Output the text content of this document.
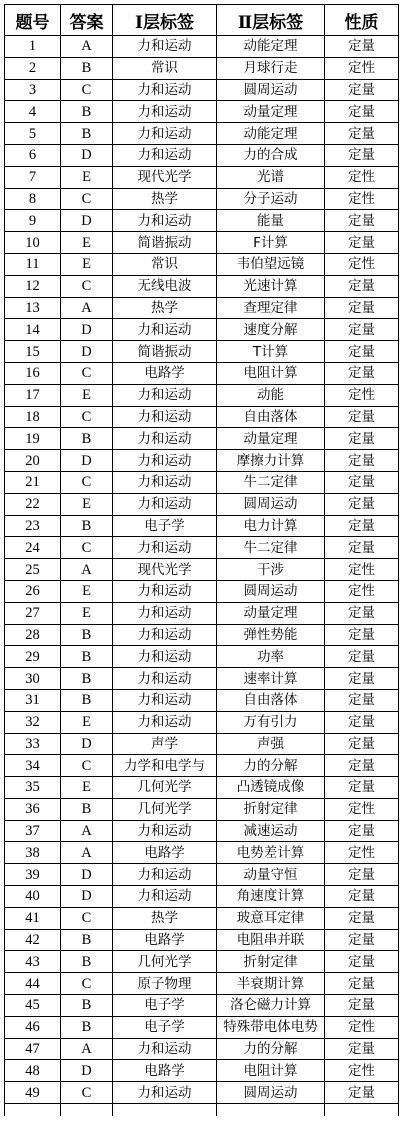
题号	答案	Ⅰ层标签	Ⅱ层标签	性质
1	A	力和运动	动能定理	定量
2	B	常识	月球行走	定性
3	C	力和运动	圆周运动	定量
4	B	力和运动	动量定理	定量
5	B	力和运动	动能定理	定量
6	D	力和运动	力的合成	定量
7	E	现代光学	光谱	定性
8	C	热学	分子运动	定性
9	D	力和运动	能量	定量
10	E	简谐振动	F计算	定量
11	E	常识	韦伯望远镜	定性
12	C	无线电波	光速计算	定量
13	A	热学	查理定律	定量
14	D	力和运动	速度分解	定量
15	D	简谐振动	T计算	定量
16	C	电路学	电阻计算	定量
17	E	力和运动	动能	定性
18	C	力和运动	自由落体	定量
19	B	力和运动	动量定理	定量
20	D	力和运动	摩擦力计算	定量
21	C	力和运动	牛二定律	定量
22	E	力和运动	圆周运动	定量
23	B	电子学	电力计算	定量
24	C	力和运动	牛二定律	定量
25	A	现代光学	干涉	定性
26	E	力和运动	圆周运动	定性
27	E	力和运动	动量定理	定量
28	B	力和运动	弹性势能	定量
29	B	力和运动	功率	定量
30	B	力和运动	速率计算	定量
31	B	力和运动	自由落体	定量
32	E	力和运动	万有引力	定量
33	D	声学	声强	定量
34	C	力学和电学与	力的分解	定量
35	E	几何光学	凸透镜成像	定量
36	B	几何光学	折射定律	定性
37	A	力和运动	减速运动	定量
38	A	电路学	电势差计算	定性
39	D	力和运动	动量守恒	定量
40	D	力和运动	角速度计算	定量
41	C	热学	玻意耳定律	定量
42	B	电路学	电阻串并联	定量
43	B	几何光学	折射定律	定量
44	C	原子物理	半衰期计算	定量
45	B	电子学	洛仑磁力计算	定量
46	B	电子学	特殊带电体电势	定性
47	A	力和运动	力的分解	定量
48	D	电路学	电阻计算	定性
49	C	力和运动	圆周运动	定量
